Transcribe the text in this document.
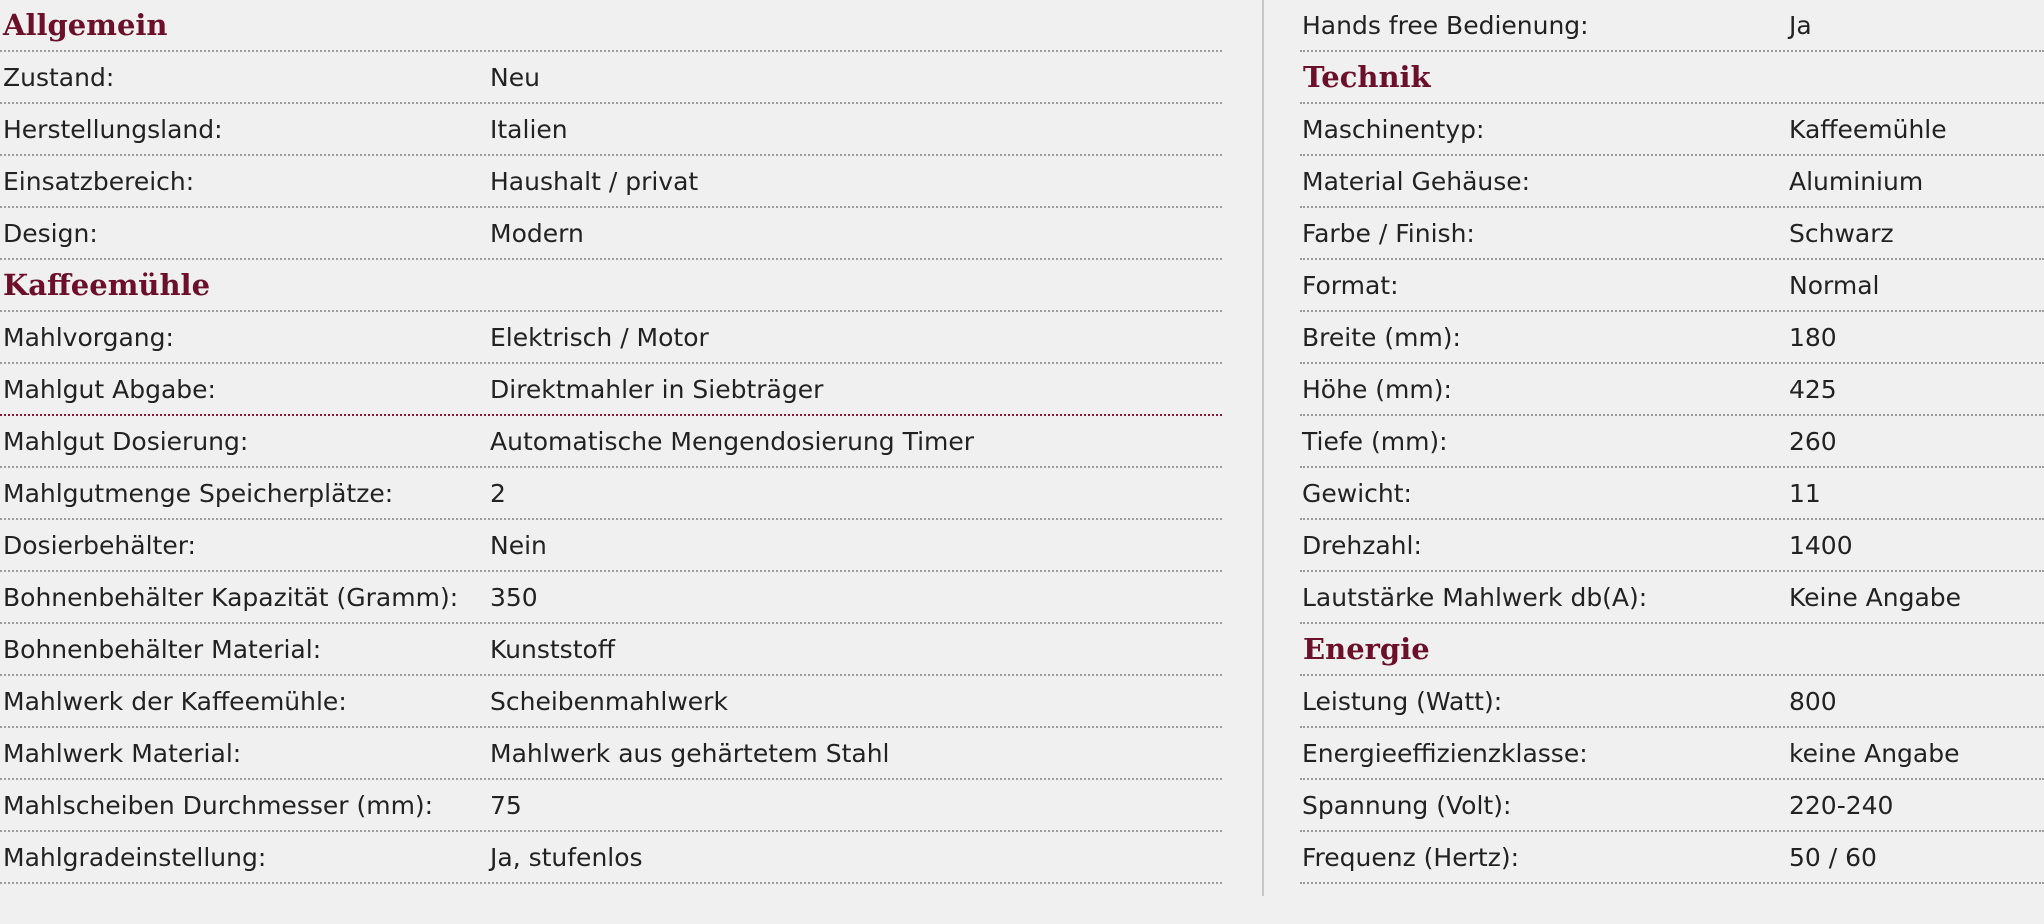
Allgemein
Zustand:	Neu
Herstellungsland:	Italien
Einsatzbereich:	Haushalt / privat
Design:	Modern
Kaffeemühle
Mahlvorgang:	Elektrisch / Motor
Mahlgut Abgabe:	Direktmahler in Siebträger
Mahlgut Dosierung:	Automatische Mengendosierung Timer
Mahlgutmenge Speicherplätze:	2
Dosierbehälter:	Nein
Bohnenbehälter Kapazität (Gramm):	350
Bohnenbehälter Material:	Kunststoff
Mahlwerk der Kaffeemühle:	Scheibenmahlwerk
Mahlwerk Material:	Mahlwerk aus gehärtetem Stahl
Mahlscheiben Durchmesser (mm):	75
Mahlgradeinstellung:	Ja, stufenlos
Hands free Bedienung:	Ja
Technik
Maschinentyp:	Kaffeemühle
Material Gehäuse:	Aluminium
Farbe / Finish:	Schwarz
Format:	Normal
Breite (mm):	180
Höhe (mm):	425
Tiefe (mm):	260
Gewicht:	11
Drehzahl:	1400
Lautstärke Mahlwerk db(A):	Keine Angabe
Energie
Leistung (Watt):	800
Energieeffizienzklasse:	keine Angabe
Spannung (Volt):	220-240
Frequenz (Hertz):	50 / 60
